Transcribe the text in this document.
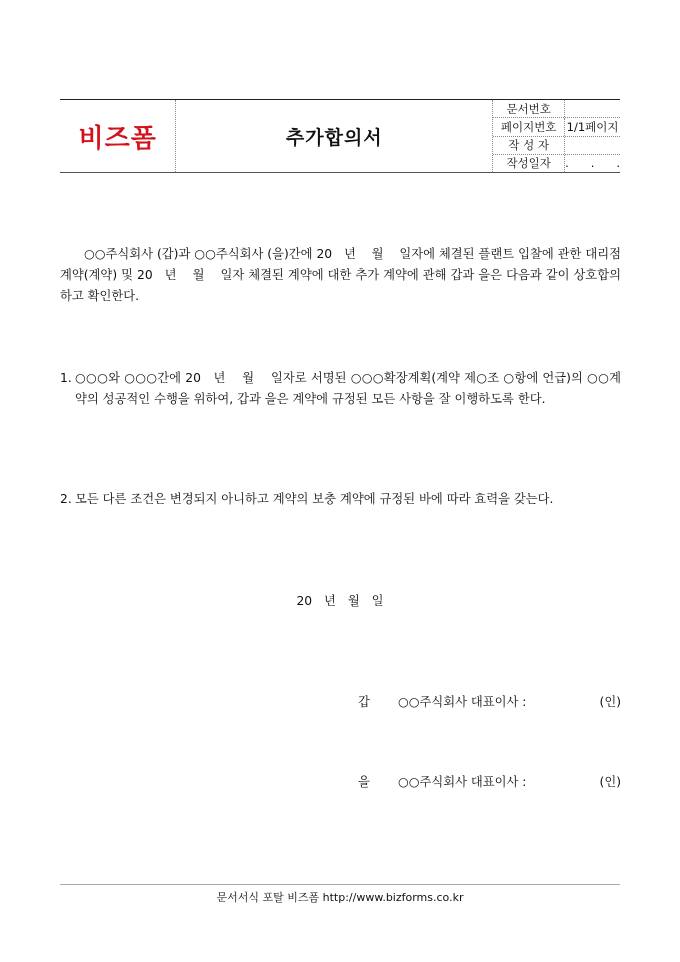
비즈폼	추가합의서
문서번호
페이지번호 1/1페이지
작 성 자
작성일자	.      .      .

○○주식회사 (갑)과 ○○주식회사 (을)간에 20   년    월    일자에 체결된 플랜트 입찰에 관한 대리점 계약(계약) 및 20   년    월    일자 체결된 계약에 대한 추가 계약에 관해 갑과 을은 다음과 같이 상호합의하고 확인한다.

1. ○○○와 ○○○간에 20   년    월    일자로 서명된 ○○○확장계획(계약 제○조 ○항에 언급)의 ○○계약의 성공적인 수행을 위하여, 갑과 을은 계약에 규정된 모든 사항을 잘 이행하도록 한다.
2. 모든 다른 조건은 변경되지 아니하고 계약의 보충 계약에 규정된 바에 따라 효력을 갖는다.
20 년 월 일
갑	○○주식회사 대표이사 :	(인)
을	○○주식회사 대표이사 :	(인)
문서서식 포탈 비즈폼 http://www.bizforms.co.kr
